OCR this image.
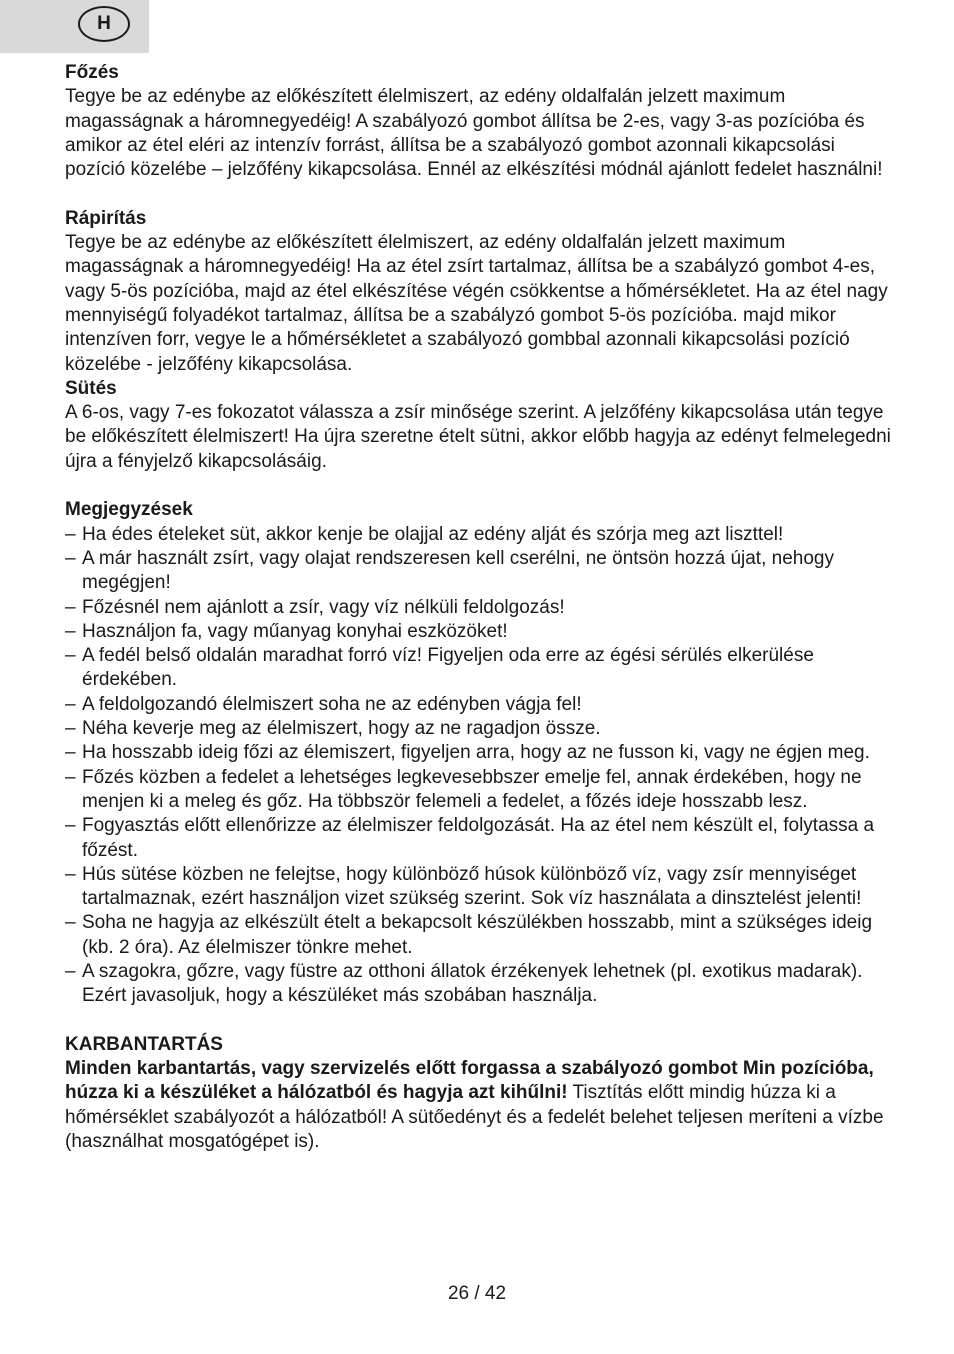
H

Főzés

Tegye be az edénybe az előkészített élelmiszert, az edény oldalfalán jelzett maximum magasságnak a háromnegyedéig! A szabályozó gombot állítsa be 2-es, vagy 3-as pozícióba és amikor az étel eléri az intenzív forrást, állítsa be a szabályozó gombot azonnali kikapcsolási pozíció közelébe – jelzőfény kikapcsolása. Ennél az elkészítési módnál ajánlott fedelet használni!

Rápirítás

Tegye be az edénybe az előkészített élelmiszert, az edény oldalfalán jelzett maximum magasságnak a háromnegyedéig! Ha az étel zsírt tartalmaz, állítsa be a szabályzó gombot 4-es, vagy 5-ös pozícióba, majd az étel elkészítése végén csökkentse a hőmérsékletet. Ha az étel nagy mennyiségű folyadékot tartalmaz, állítsa be a szabályzó gombot 5-ös pozícióba. majd mikor intenzíven forr, vegye le a hőmérsékletet a szabályozó gombbal azonnali kikapcsolási pozíció közelébe - jelzőfény kikapcsolása.

Sütés

A 6-os, vagy 7-es fokozatot válassza a zsír minősége szerint. A jelzőfény kikapcsolása után tegye be előkészített élelmiszert! Ha újra szeretne ételt sütni, akkor előbb hagyja az edényt felmelegedni újra a fényjelző kikapcsolásáig.

Megjegyzések

– Ha édes ételeket süt, akkor kenje be olajjal az edény alját és szórja meg azt liszttel!
– A már használt zsírt, vagy olajat rendszeresen kell cserélni, ne öntsön hozzá újat, nehogy megégjen!
– Főzésnél nem ajánlott a zsír, vagy víz nélküli feldolgozás!
– Használjon fa, vagy műanyag konyhai eszközöket!
– A fedél belső oldalán maradhat forró víz! Figyeljen oda erre az égési sérülés elkerülése érdekében.
– A feldolgozandó élelmiszert soha ne az edényben vágja fel!
– Néha keverje meg az élelmiszert, hogy az ne ragadjon össze.
– Ha hosszabb ideig főzi az élemiszert, figyeljen arra, hogy az ne fusson ki, vagy ne égjen meg.
– Főzés közben a fedelet a lehetséges legkevesebbszer emelje fel, annak érdekében, hogy ne menjen ki a meleg és gőz. Ha többször felemeli a fedelet, a főzés ideje hosszabb lesz.
– Fogyasztás előtt ellenőrizze az élelmiszer feldolgozását. Ha az étel nem készült el, folytassa a főzést.
– Hús sütése közben ne felejtse, hogy különböző húsok különböző víz, vagy zsír mennyiséget tartalmaznak, ezért használjon vizet szükség szerint. Sok víz használata a dinsztelést jelenti!
– Soha ne hagyja az elkészült ételt a bekapcsolt készülékben hosszabb, mint a szükséges ideig (kb. 2 óra). Az élelmiszer tönkre mehet.
– A szagokra, gőzre, vagy füstre az otthoni állatok érzékenyek lehetnek (pl. exotikus madarak). Ezért javasoljuk, hogy a készüléket más szobában használja.

KARBANTARTÁS

Minden karbantartás, vagy szervizelés előtt forgassa a szabályozó gombot Min pozícióba, húzza ki a készüléket a hálózatból és hagyja azt kihűlni! Tisztítás előtt mindig húzza ki a hőmérséklet szabályozót a hálózatból! A sütőedényt és a fedelét belehet teljesen meríteni a vízbe (használhat mosgatógépet is).

26 / 42
